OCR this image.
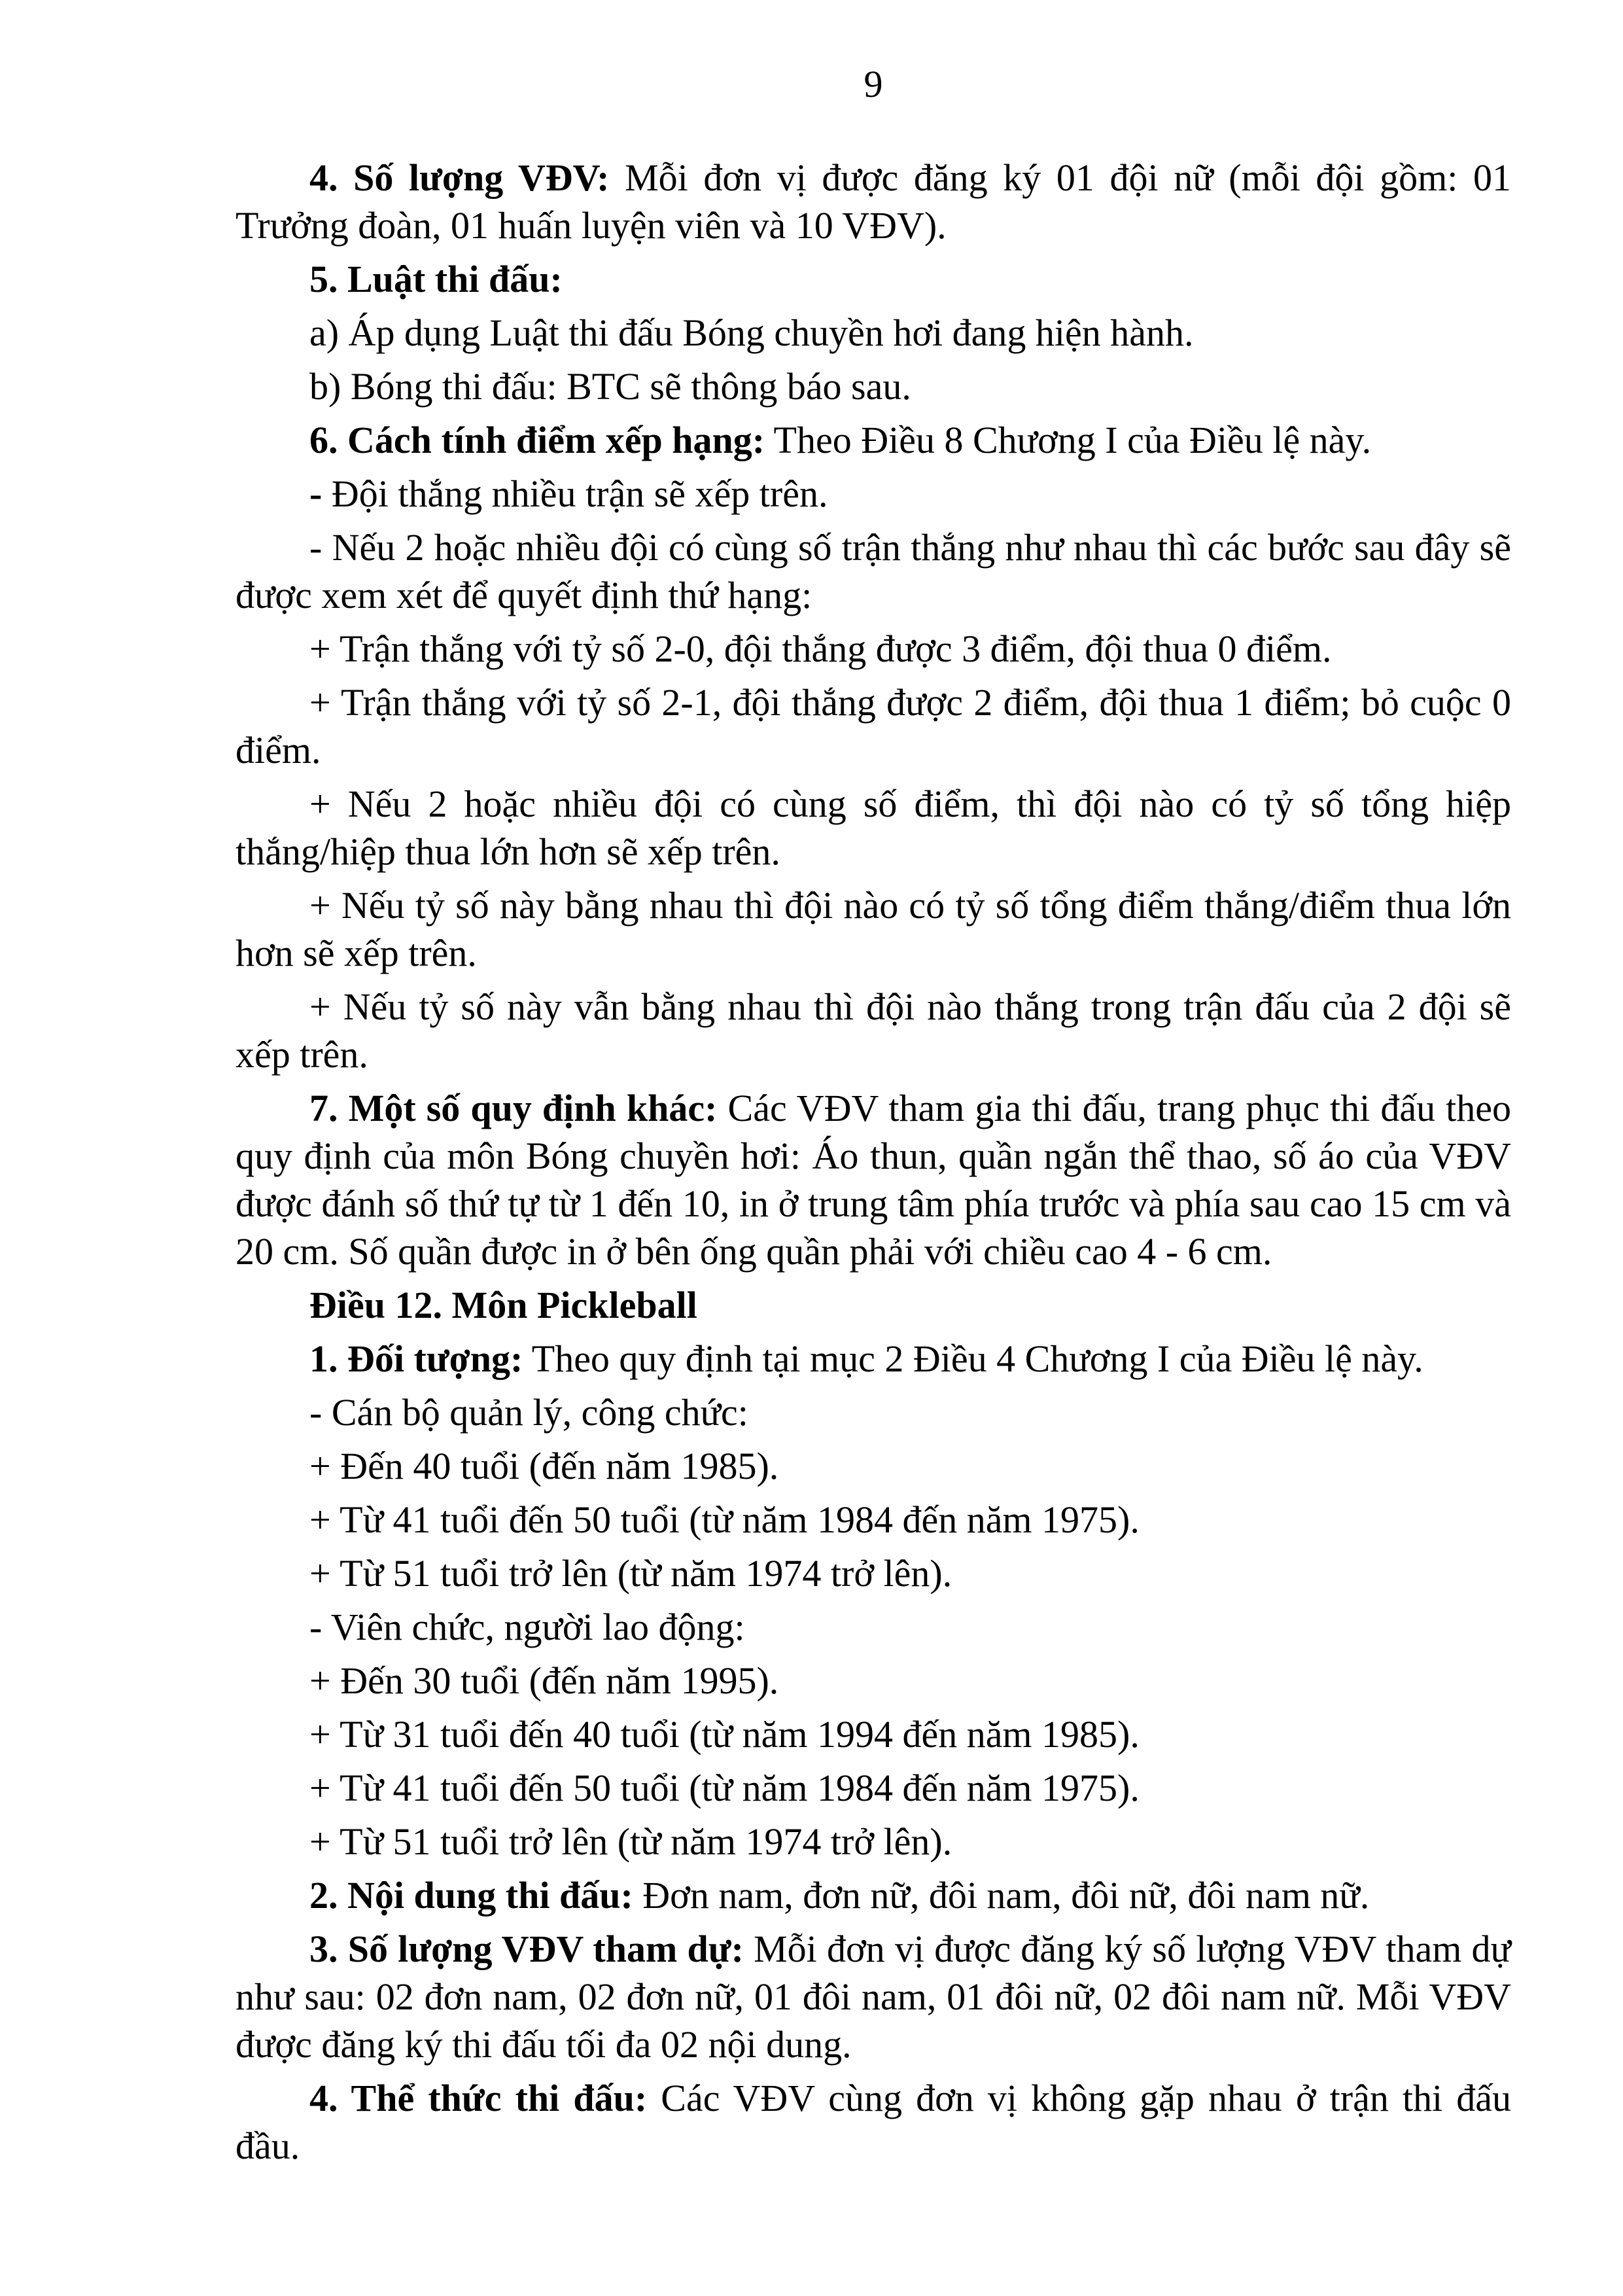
9

4. Số lượng VĐV: Mỗi đơn vị được đăng ký 01 đội nữ (mỗi đội gồm: 01 Trưởng đoàn, 01 huấn luyện viên và 10 VĐV).

5. Luật thi đấu:

a) Áp dụng Luật thi đấu Bóng chuyền hơi đang hiện hành.

b) Bóng thi đấu: BTC sẽ thông báo sau.

6. Cách tính điểm xếp hạng: Theo Điều 8 Chương I của Điều lệ này.

- Đội thắng nhiều trận sẽ xếp trên.

- Nếu 2 hoặc nhiều đội có cùng số trận thắng như nhau thì các bước sau đây sẽ được xem xét để quyết định thứ hạng:

+ Trận thắng với tỷ số 2-0, đội thắng được 3 điểm, đội thua 0 điểm.

+ Trận thắng với tỷ số 2-1, đội thắng được 2 điểm, đội thua 1 điểm; bỏ cuộc 0 điểm.

+ Nếu 2 hoặc nhiều đội có cùng số điểm, thì đội nào có tỷ số tổng hiệp thắng/hiệp thua lớn hơn sẽ xếp trên.

+ Nếu tỷ số này bằng nhau thì đội nào có tỷ số tổng điểm thắng/điểm thua lớn hơn sẽ xếp trên.

+ Nếu tỷ số này vẫn bằng nhau thì đội nào thắng trong trận đấu của 2 đội sẽ xếp trên.

7. Một số quy định khác: Các VĐV tham gia thi đấu, trang phục thi đấu theo quy định của môn Bóng chuyền hơi: Áo thun, quần ngắn thể thao, số áo của VĐV được đánh số thứ tự từ 1 đến 10, in ở trung tâm phía trước và phía sau cao 15 cm và 20 cm. Số quần được in ở bên ống quần phải với chiều cao 4 - 6 cm.

Điều 12. Môn Pickleball

1. Đối tượng: Theo quy định tại mục 2 Điều 4 Chương I của Điều lệ này.

- Cán bộ quản lý, công chức:

+ Đến 40 tuổi (đến năm 1985).

+ Từ 41 tuổi đến 50 tuổi (từ năm 1984 đến năm 1975).

+ Từ 51 tuổi trở lên (từ năm 1974 trở lên).

- Viên chức, người lao động:

+ Đến 30 tuổi (đến năm 1995).

+ Từ 31 tuổi đến 40 tuổi (từ năm 1994 đến năm 1985).

+ Từ 41 tuổi đến 50 tuổi (từ năm 1984 đến năm 1975).

+ Từ 51 tuổi trở lên (từ năm 1974 trở lên).

2. Nội dung thi đấu: Đơn nam, đơn nữ, đôi nam, đôi nữ, đôi nam nữ.

3. Số lượng VĐV tham dự: Mỗi đơn vị được đăng ký số lượng VĐV tham dự như sau: 02 đơn nam, 02 đơn nữ, 01 đôi nam, 01 đôi nữ, 02 đôi nam nữ. Mỗi VĐV được đăng ký thi đấu tối đa 02 nội dung.

4. Thể thức thi đấu: Các VĐV cùng đơn vị không gặp nhau ở trận thi đấu đầu.
